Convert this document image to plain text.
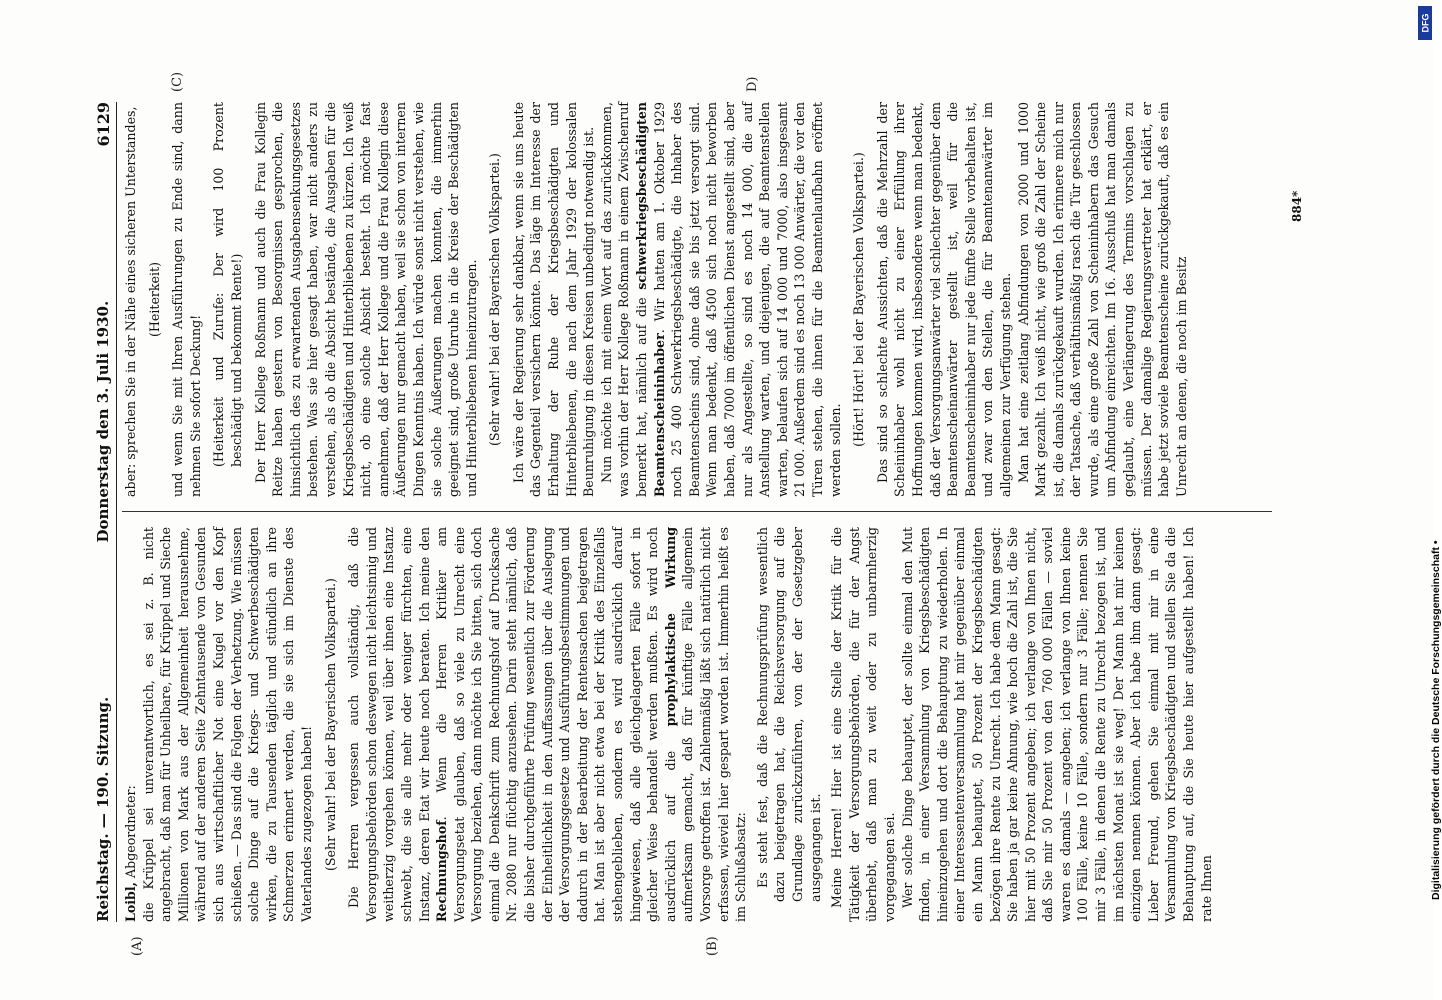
Reichstag. — 190. Sitzung.
Donnerstag den 3. Juli 1930.
6129

Loibl, Abgeordneter: die Krüppel sei unverantwortlich, es sei z. B. nicht angebracht, daß man für Unheilbare, für Krüppel und Sieche Millionen von Mark aus der Allgemeinheit herausnehme, während auf der anderen Seite Zehntausende von Gesunden sich aus wirtschaftlicher Not eine Kugel vor den Kopf schießen. — Das sind die Folgen der Verhetzung. Wie müssen solche Dinge auf die Kriegs- und Schwerbeschädigten wirken, die zu Tausenden täglich und stündlich an ihre Schmerzen erinnert werden, die sie sich im Dienste des Vaterlandes zugezogen haben! (Sehr wahr! bei der Bayerischen Volkspartei.) Die Herren vergessen auch vollständig, daß die Versorgungsbehörden schon deswegen nicht leichtsinnig und weitherzig vorgehen können, weil über ihnen eine Instanz schwebt, die sie alle mehr oder weniger fürchten, eine Instanz, deren Etat wir heute noch beraten. Ich meine den Rechnungshof. Wenn die Herren Kritiker am Versorgungsetat glauben, daß so viele zu Unrecht eine Versorgung beziehen, dann möchte ich Sie bitten, sich doch einmal die Denkschrift zum Rechnungshof auf Drucksache Nr. 2080 nur flüchtig anzusehen. Darin steht nämlich, daß die bisher durchgeführte Prüfung wesentlich zur Förderung der Einheitlichkeit in den Auffassungen über die Auslegung der Versorgungsgesetze und Ausführungsbestimmungen und dadurch in der Bearbeitung der Rentensachen beigetragen hat. Man ist aber nicht etwa bei der Kritik des Einzelfalls stehengeblieben, sondern es wird ausdrücklich darauf hingewiesen, daß alle gleichgelagerten Fälle sofort in gleicher Weise behandelt werden mußten. Es wird noch ausdrücklich auf die prophylaktische Wirkung aufmerksam gemacht, daß für künftige Fälle allgemein Vorsorge getroffen ist. Zahlenmäßig läßt sich natürlich nicht erfassen, wieviel hier gespart worden ist. Immerhin heißt es im Schlußabsatz: Es steht fest, daß die Rechnungsprüfung wesentlich dazu beigetragen hat, die Reichsversorgung auf die Grundlage zurückzuführen, von der der Gesetzgeber ausgegangen ist. Meine Herren! Hier ist eine Stelle der Kritik für die Tätigkeit der Versorgungsbehörden, die für der Angst überhebt, daß man zu weit oder zu unbarmherzig vorgegangen sei. Wer solche Dinge behauptet, der sollte einmal den Mut finden, in einer Versammlung von Kriegsbeschädigten hineinzugehen und dort die Behauptung zu wiederholen. In einer Interessentenversammlung hat mir gegenüber einmal ein Mann behauptet, 50 Prozent der Kriegsbeschädigten bezögen ihre Rente zu Unrecht. Ich habe dem Mann gesagt: Sie haben ja gar keine Ahnung, wie hoch die Zahl ist, die Sie hier mit 50 Prozent angeben; ich verlange von Ihnen nicht, daß Sie mir 50 Prozent von den 760 000 Fällen — soviel waren es damals — angeben; ich verlange von Ihnen keine 100 Fälle, keine 10 Fälle, sondern nur 3 Fälle; nennen Sie mir 3 Fälle, in denen die Rente zu Unrecht bezogen ist, und im nächsten Monat ist sie weg! Der Mann hat mir keinen einzigen nennen können. Aber ich habe ihm dann gesagt: Lieber Freund, gehen Sie einmal mit mir in eine Versammlung von Kriegsbeschädigten und stellen Sie da die Behauptung auf, die Sie heute hier aufgestellt haben! Ich rate Ihnen

aber: sprechen Sie in der Nähe eines sicheren Unterstandes, (Heiterkeit) und wenn Sie mit Ihren Ausführungen zu Ende sind, dann nehmen Sie sofort Deckung! (Heiterkeit und Zurufe: Der wird 100 Prozent beschädigt und bekommt Rente!) Der Herr Kollege Roßmann und auch die Frau Kollegin Reitze haben gestern von Besorgnissen gesprochen, die hinsichtlich des zu erwartenden Ausgabensenkungsgesetzes bestehen. Was sie hier gesagt haben, war nicht anders zu verstehen, als ob die Absicht bestände, die Ausgaben für die Kriegsbeschädigten und Hinterbliebenen zu kürzen. Ich weiß nicht, ob eine solche Absicht besteht. Ich möchte fast annehmen, daß der Herr Kollege und die Frau Kollegin diese Äußerungen nur gemacht haben, weil sie schon von internen Dingen Kenntnis haben. Ich würde sonst nicht verstehen, wie sie solche Äußerungen machen konnten, die immerhin geeignet sind, große Unruhe in die Kreise der Beschädigten und Hinterbliebenen hineinzutragen. (Sehr wahr! bei der Bayerischen Volkspartei.) Ich wäre der Regierung sehr dankbar, wenn sie uns heute das Gegenteil versichern könnte. Das läge im Interesse der Erhaltung der Ruhe der Kriegsbeschädigten und Hinterbliebenen, die nach dem Jahr 1929 der kolossalen Beunruhigung in diesen Kreisen unbedingt notwendig ist. Nun möchte ich mit einem Wort auf das zurückkommen, was vorhin der Herr Kollege Roßmann in einem Zwischenruf bemerkt hat, nämlich auf die schwerkriegsbeschädigten Beamtenscheininhaber. Wir hatten am 1. Oktober 1929 noch 25 400 Schwerkriegsbeschädigte, die Inhaber des Beamtenscheins sind, ohne daß sie bis jetzt versorgt sind. Wenn man bedenkt, daß 4500 sich noch nicht beworben haben, daß 7000 im öffentlichen Dienst angestellt sind, aber nur als Angestellte, so sind es noch 14 000, die auf Anstellung warten, und diejenigen, die auf Beamtenstellen warten, belaufen sich auf 14 000 und 7000, also insgesamt 21 000. Außerdem sind es noch 13 000 Anwärter, die vor den Türen stehen, die ihnen für die Beamtenlaufbahn eröffnet werden sollen.

(Hört! Hört! bei der Bayerischen Volkspartei.) Das sind so schlechte Aussichten, daß die Mehrzahl der Scheininhaber wohl nicht zu einer Erfüllung ihrer Hoffnungen kommen wird, insbesondere wenn man bedenkt, daß der Versorgungsanwärter viel schlechter gegenüber dem Beamtenscheinanwärter gestellt ist, weil für die Beamtenscheininhaber nur jede fünfte Stelle vorbehalten ist, und zwar von den Stellen, die für Beamtenanwärter im allgemeinen zur Verfügung stehen. Man hat eine zeitlang Abfindungen von 2000 und 1000 Mark gezahlt. Ich weiß nicht, wie groß die Zahl der Scheine ist, die damals zurückgekauft wurden. Ich erinnere mich nur der Tatsache, daß verhältnismäßig rasch die Tür geschlossen wurde, als eine große Zahl von Scheininhabern das Gesuch um Abfindung einreichten. Im 16. Ausschuß hat man damals geglaubt, eine Verlängerung des Termins vorschlagen zu müssen. Der damalige Regierungsvertreter hat erklärt, er habe jetzt soviele Beamtenscheine zurückgekauft, daß es ein Unrecht an denen, die noch im Besitz

(A)	(B)
(C)	D)
884*
Digitalisierung gefördert durch die Deutsche Forschungsgemeinschaft •
DFG
